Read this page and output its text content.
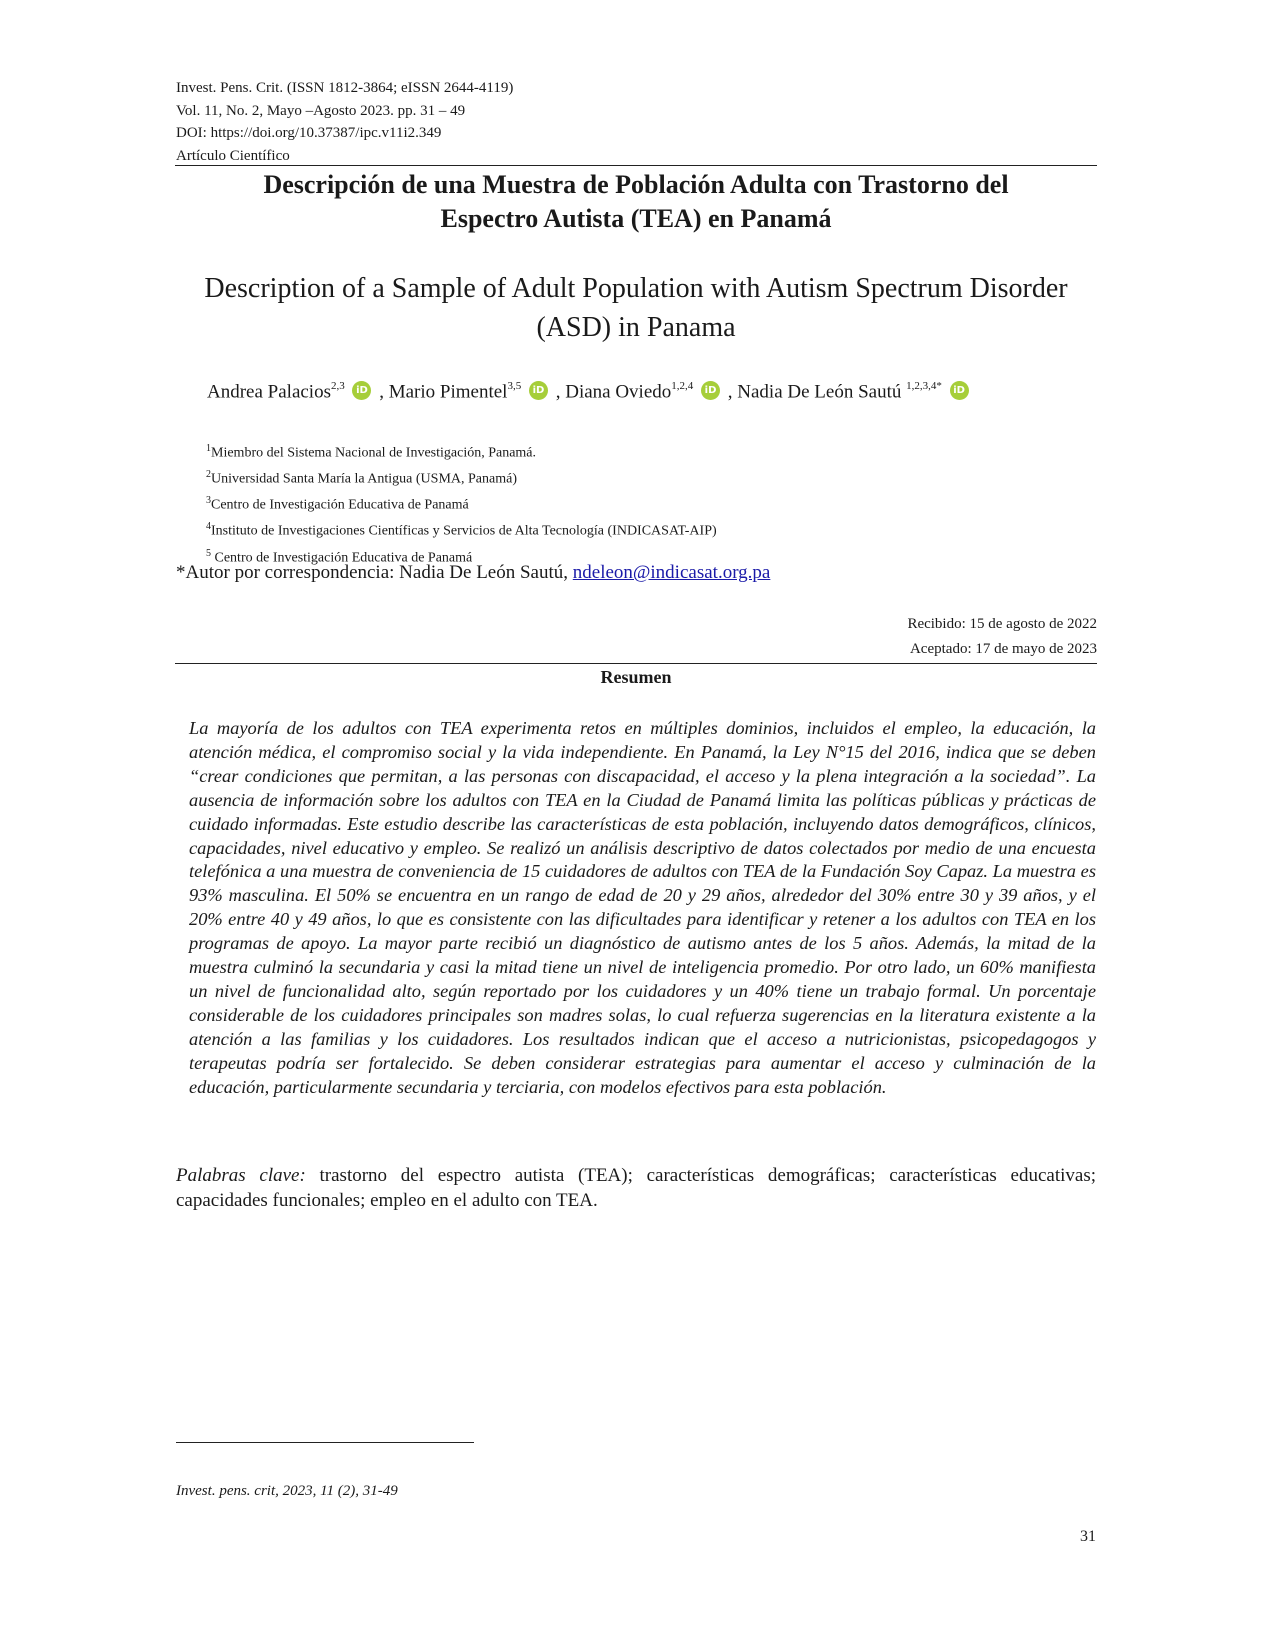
Invest. Pens. Crit. (ISSN 1812-3864; eISSN 2644-4119)
Vol. 11, No. 2, Mayo –Agosto 2023. pp. 31 – 49
DOI: https://doi.org/10.37387/ipc.v11i2.349
Artículo Científico
Descripción de una Muestra de Población Adulta con Trastorno del
Espectro Autista (TEA) en Panamá
Description of a Sample of Adult Population with Autism Spectrum Disorder
(ASD) in Panama
Andrea Palacios$^{2,3}$ iD , Mario Pimentel$^{3,5}$ iD , Diana Oviedo$^{1,2,4}$ iD , Nadia De León Sautú $^{1,2,3,4*}$ iD
$^1$Miembro del Sistema Nacional de Investigación, Panamá.
$^2$Universidad Santa María la Antigua (USMA, Panamá)
$^3$Centro de Investigación Educativa de Panamá
$^4$Instituto de Investigaciones Científicas y Servicios de Alta Tecnología (INDICASAT-AIP)
$^5$ Centro de Investigación Educativa de Panamá
*Autor por correspondencia: Nadia De León Sautú, ndeleon@indicasat.org.pa
Recibido: 15 de agosto de 2022
Aceptado: 17 de mayo de 2023
Resumen
La mayoría de los adultos con TEA experimenta retos en múltiples dominios, incluidos el empleo, la educación, la atención médica, el compromiso social y la vida independiente. En Panamá, la Ley N°15 del 2016, indica que se deben “crear condiciones que permitan, a las personas con discapacidad, el acceso y la plena integración a la sociedad”. La ausencia de información sobre los adultos con TEA en la Ciudad de Panamá limita las políticas públicas y prácticas de cuidado informadas. Este estudio describe las características de esta población, incluyendo datos demográficos, clínicos, capacidades, nivel educativo y empleo. Se realizó un análisis descriptivo de datos colectados por medio de una encuesta telefónica a una muestra de conveniencia de 15 cuidadores de adultos con TEA de la Fundación Soy Capaz. La muestra es 93% masculina. El 50% se encuentra en un rango de edad de 20 y 29 años, alrededor del 30% entre 30 y 39 años, y el 20% entre 40 y 49 años, lo que es consistente con las dificultades para identificar y retener a los adultos con TEA en los programas de apoyo. La mayor parte recibió un diagnóstico de autismo antes de los 5 años. Además, la mitad de la muestra culminó la secundaria y casi la mitad tiene un nivel de inteligencia promedio. Por otro lado, un 60% manifiesta un nivel de funcionalidad alto, según reportado por los cuidadores y un 40% tiene un trabajo formal. Un porcentaje considerable de los cuidadores principales son madres solas, lo cual refuerza sugerencias en la literatura existente a la atención a las familias y los cuidadores. Los resultados indican que el acceso a nutricionistas, psicopedagogos y terapeutas podría ser fortalecido. Se deben considerar estrategias para aumentar el acceso y culminación de la educación, particularmente secundaria y terciaria, con modelos efectivos para esta población.
Palabras clave: trastorno del espectro autista (TEA); características demográficas; características educativas; capacidades funcionales; empleo en el adulto con TEA.
Invest. pens. crit, 2023, 11 (2), 31-49
31
